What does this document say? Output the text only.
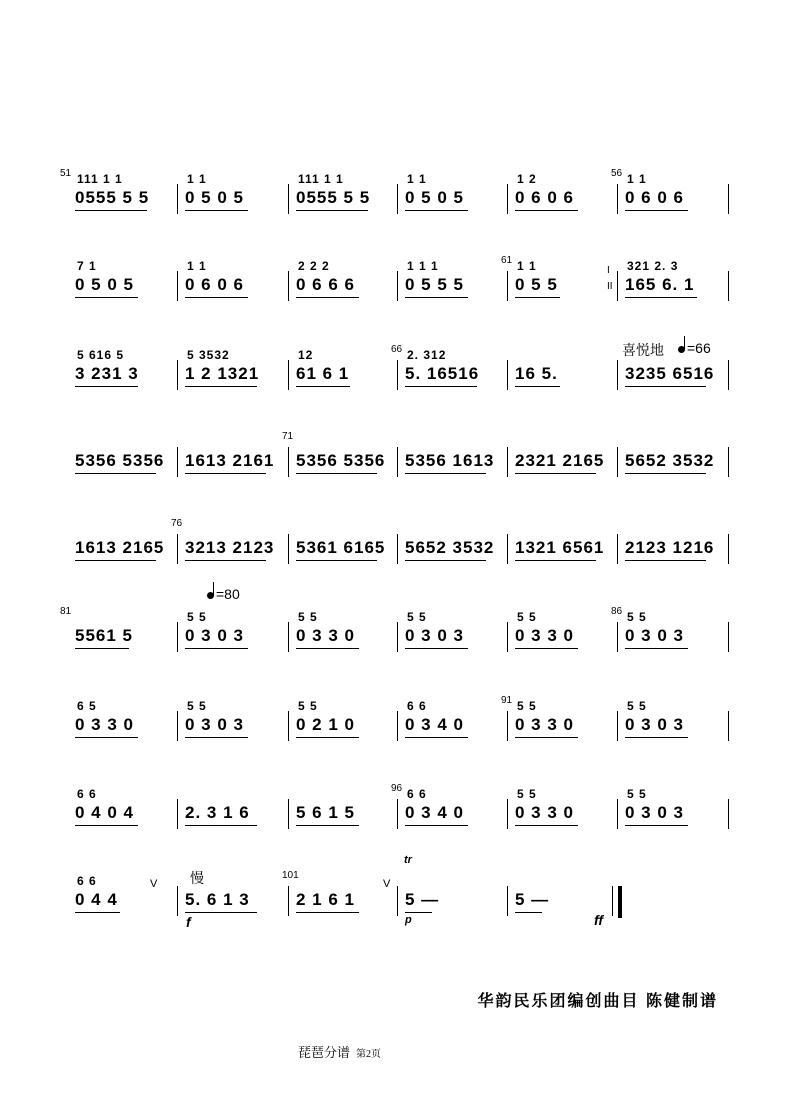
51 111 1 1
0555 5 5
1 1
0 5 0 5
111 1 1
0555 5 5
1 1
0 5 0 5
1 2
0 6 0 6
1 1
0 6 0 6
56
7 1
0 5 0 5
1 1
0 6 0 6
2 2 2
0 6 6 6
1 1 1
0 5 5 5
1 1
0 5 5
61	321 2. 3
165 6. 1
I II
5 616 5
3 231 3
5 3532
1 2 1321
12
61 6 1
2. 312
5. 16516
66
16 5.	3235 6516
喜悦地	=66
5356 5356 1613 2161 5356 5356
71
5356 1613 2321 2165 5652 3532
1613 2165 3213 2123
76
5361 6165 5652 3532 1321 6561 2123 1216
81
5561 5
5 5
0 3 0 3
5 5
0 3 3 0
5 5
0 3 0 3
5 5
0 3 3 0
5 5
0 3 0 3
86
=80
6 5
0 3 3 0
5 5
0 3 0 3
5 5
0 2 1 0
6 6
0 3 4 0
5 5
0 3 3 0
91	5 5
0 3 0 3
6 6
0 4 0 4	2. 3 1 6	5 6 1 5
6 6
0 3 4 0
96	5 5
0 3 3 0
5 5
0 3 0 3
6 6
0 4 4	5. 6 1 3	2 1 6 1
101
5 —	5 —
慢
f	p	ff
tr
V	V
华韵民乐团编创曲目 陈健制谱
琵琶分谱 第2页
